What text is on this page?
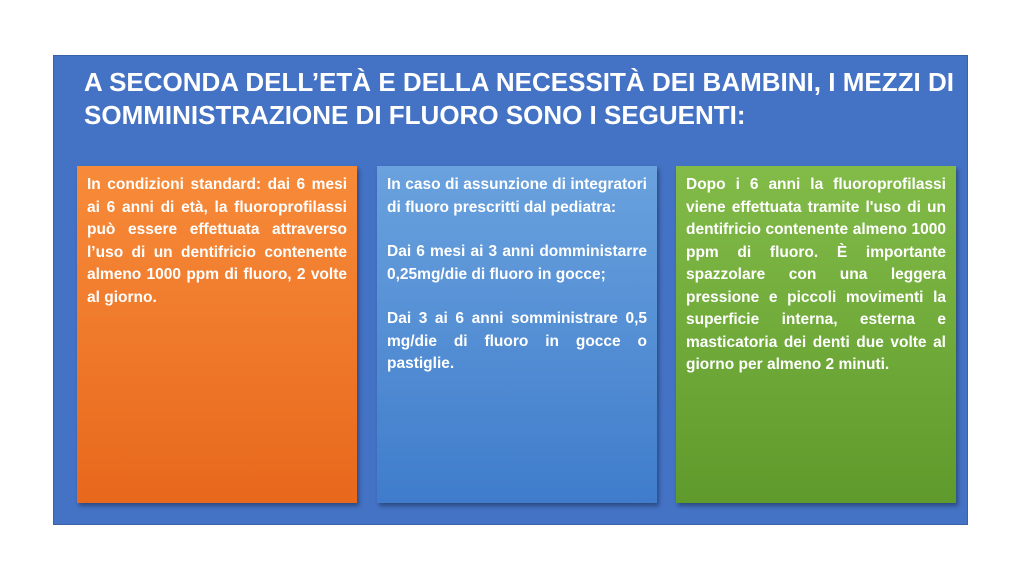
A SECONDA DELL’ETÀ E DELLA NECESSITÀ DEI BAMBINI, I MEZZI DI SOMMINISTRAZIONE DI FLUORO SONO I SEGUENTI:

In condizioni standard: dai 6 mesi ai 6 anni di età, la fluoroprofilassi può essere effettuata attraverso l’uso di un dentifricio contenente almeno 1000 ppm di fluoro, 2 volte al giorno.

In caso di assunzione di integratori di fluoro prescritti dal pediatra:

Dai 6 mesi ai 3 anni domministarre 0,25mg/die di fluoro in gocce;

Dai 3 ai 6 anni somministrare 0,5 mg/die di fluoro in gocce o pastiglie.

Dopo i 6 anni la fluoroprofilassi viene effettuata tramite l'uso di un dentifricio contenente almeno 1000 ppm di fluoro. È importante spazzolare con una leggera pressione e piccoli movimenti la superficie interna, esterna e masticatoria dei denti due volte al giorno per almeno 2 minuti.
